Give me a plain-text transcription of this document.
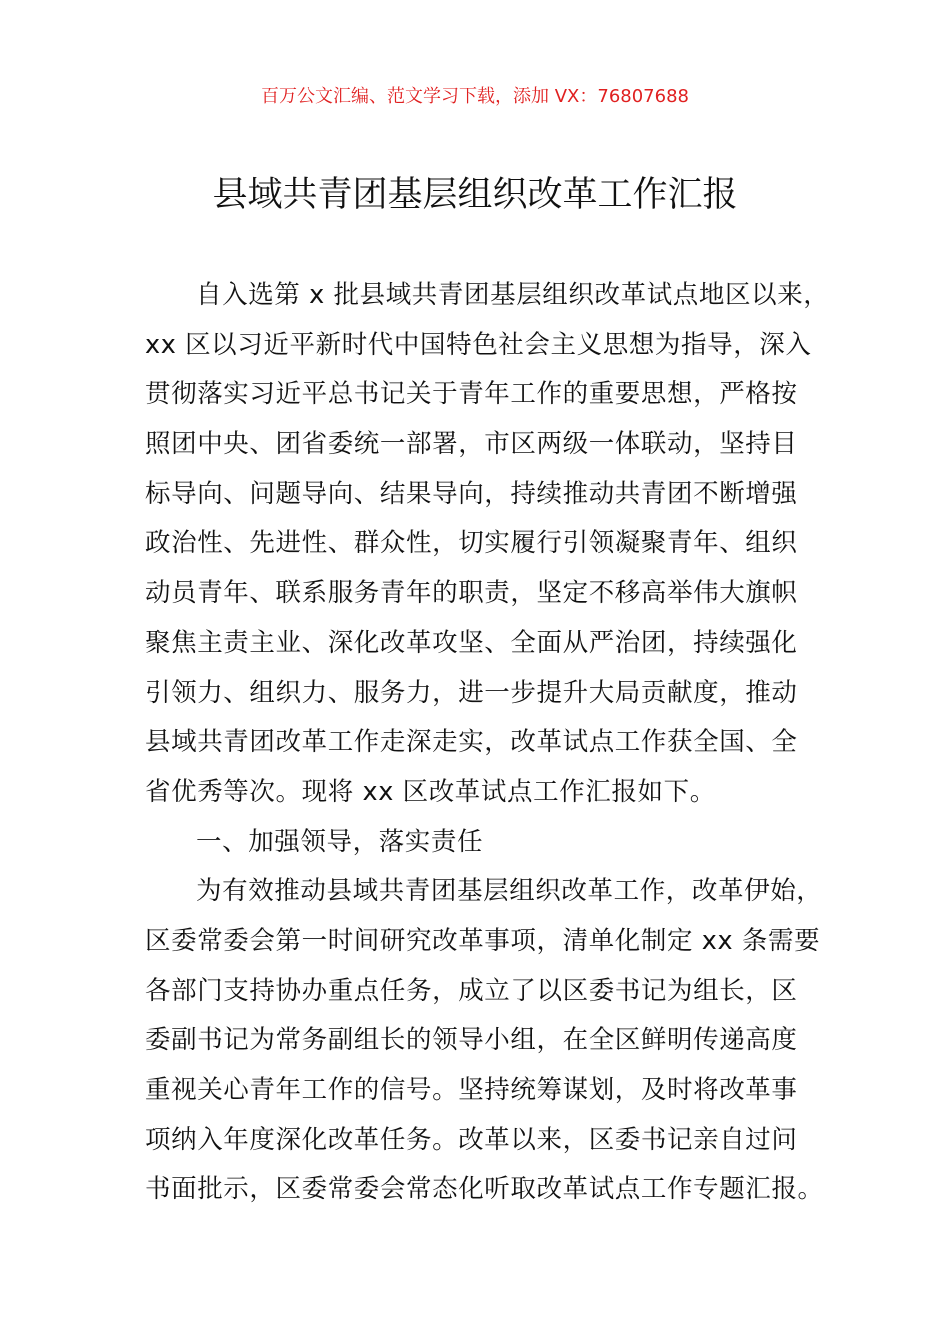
百万公文汇编、范文学习下载，添加 VX：76807688
县域共青团基层组织改革工作汇报
自入选第 x 批县域共青团基层组织改革试点地区以来，
xx 区以习近平新时代中国特色社会主义思想为指导，深入
贯彻落实习近平总书记关于青年工作的重要思想，严格按
照团中央、团省委统一部署，市区两级一体联动，坚持目
标导向、问题导向、结果导向，持续推动共青团不断增强
政治性、先进性、群众性，切实履行引领凝聚青年、组织
动员青年、联系服务青年的职责，坚定不移高举伟大旗帜
聚焦主责主业、深化改革攻坚、全面从严治团，持续强化
引领力、组织力、服务力，进一步提升大局贡献度，推动
县域共青团改革工作走深走实，改革试点工作获全国、全
省优秀等次。现将 xx 区改革试点工作汇报如下。
一、加强领导，落实责任
为有效推动县域共青团基层组织改革工作，改革伊始，
区委常委会第一时间研究改革事项，清单化制定 xx 条需要
各部门支持协办重点任务，成立了以区委书记为组长，区
委副书记为常务副组长的领导小组，在全区鲜明传递高度
重视关心青年工作的信号。坚持统筹谋划，及时将改革事
项纳入年度深化改革任务。改革以来，区委书记亲自过问
书面批示，区委常委会常态化听取改革试点工作专题汇报。
